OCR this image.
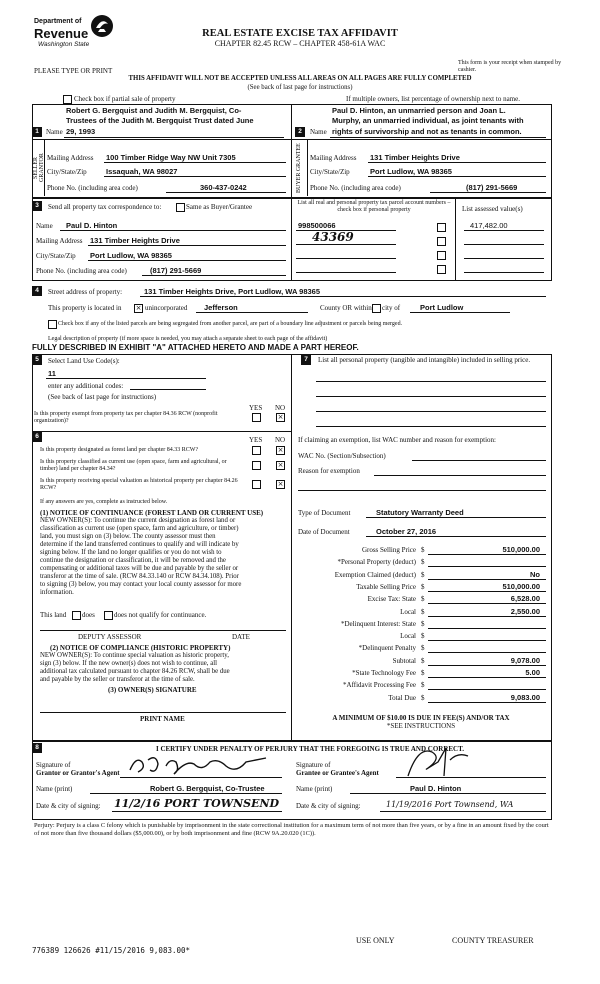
Department of
Revenue
Washington State
REAL ESTATE EXCISE TAX AFFIDAVIT
CHAPTER 82.45 RCW – CHAPTER 458-61A WAC
PLEASE TYPE OR PRINT
This form is your receipt when stamped by cashier.
THIS AFFIDAVIT WILL NOT BE ACCEPTED UNLESS ALL AREAS ON ALL PAGES ARE FULLY COMPLETED
(See back of last page for instructions)
Check box if partial sale of property	If multiple owners, list percentage of ownership next to name.
1
SELLER GRANTOR
Robert G. Bergquist and Judith M. Bergquist, Co-
Trustees of the Judith M. Bergquist Trust dated June
Name 29, 1993
Mailing Address 100 Timber Ridge Way NW Unit 7305
City/State/Zip	Issaquah, WA 98027
Phone No. (including area code)	360-437-0242
2
BUYER GRANTEE
Paul D. Hinton, an unmarried person and Joan L.
Murphy, an unmarried individual, as joint tenants with
Name rights of survivorship and not as tenants in common.
Mailing Address 131 Timber Heights Drive
City/State/Zip	Port Ludlow, WA 98365
Phone No. (including area code)	(817) 291-5669
3	Send all property tax correspondence to:	Same as Buyer/Grantee
Name Paul D. Hinton
Mailing Address 131 Timber Heights Drive
City/State/Zip Port Ludlow, WA 98365
Phone No. (including area code)	(817) 291-5669
List all real and personal property tax parcel account numbers – check box if personal property	List assessed value(s)
998500066
43369
417,482.00
4	Street address of property:	131 Timber Heights Drive, Port Ludlow, WA 98365
This property is located in × unincorporated Jefferson	County OR within city of	Port Ludlow
Check box if any of the listed parcels are being segregated from another parcel, are part of a boundary line adjustment or parcels being merged.
Legal description of property (if more space is needed, you may attach a separate sheet to each page of the affidavit)
FULLY DESCRIBED IN EXHIBIT "A" ATTACHED HERETO AND MADE A PART HEREOF.
5	Select Land Use Code(s):
11
enter any additional codes:
(See back of last page for instructions)
YES NO
Is this property exempt from property tax per chapter 84.36 RCW (nonprofit organization)?	×
6	YES NO
Is this property designated as forest land per chapter 84.33 RCW?	×
Is this property classified as current use (open space, farm and agricultural, or timber) land per chapter 84.34?	×
Is this property receiving special valuation as historical property per chapter 84.26 RCW?	×
If any answers are yes, complete as instructed below.
(1) NOTICE OF CONTINUANCE (FOREST LAND OR CURRENT USE)
NEW OWNER(S): To continue the current designation as forest land or
classification as current use (open space, farm and agriculture, or timber)
land, you must sign on (3) below. The county assessor must then
determine if the land transferred continues to qualify and will indicate by
signing below. If the land no longer qualifies or you do not wish to
continue the designation or classification, it will be removed and the
compensating or additional taxes will be due and payable by the seller or
transferor at the time of sale. (RCW 84.33.140 or RCW 84.34.108). Prior
to signing (3) below, you may contact your local county assessor for more
information.
This land does	does not qualify for continuance.
DEPUTY ASSESSOR	DATE
(2) NOTICE OF COMPLIANCE (HISTORIC PROPERTY)
NEW OWNER(S): To continue special valuation as historic property,
sign (3) below. If the new owner(s) does not wish to continue, all
additional tax calculated pursuant to chapter 84.26 RCW, shall be due
and payable by the seller or transferor at the time of sale.
(3) OWNER(S) SIGNATURE
PRINT NAME
7	List all personal property (tangible and intangible) included in selling price.
If claiming an exemption, list WAC number and reason for exemption:
WAC No. (Section/Subsection)
Reason for exemption
Type of Document	Statutory Warranty Deed
Date of Document	October 27, 2016
Gross Selling Price $	510,000.00
*Personal Property (deduct) $
Exemption Claimed (deduct) $	No
Taxable Selling Price $	510,000.00
Excise Tax: State $	6,528.00
Local $	2,550.00
*Delinquent Interest: State $
Local $
*Delinquent Penalty $
Subtotal $	9,078.00
*State Technology Fee $	5.00
*Affidavit Processing Fee $
Total Due $	9,083.00
A MINIMUM OF $10.00 IS DUE IN FEE(S) AND/OR TAX
*SEE INSTRUCTIONS
8	I CERTIFY UNDER PENALTY OF PERJURY THAT THE FOREGOING IS TRUE AND CORRECT.
Signature of
Grantor or Grantor's Agent
Name (print)	Robert G. Bergquist, Co-Trustee
Date & city of signing: 11/2/16 PORT TOWNSEND
Signature of
Grantee or Grantee's Agent
Name (print)	Paul D. Hinton
Date & city of signing:	11/19/2016 Port Townsend, WA
Perjury: Perjury is a class C felony which is punishable by imprisonment in the state correctional institution for a maximum term of not more than five years, or by a fine in an amount fixed by the court of not more than five thousand dollars ($5,000.00), or by both imprisonment and fine (RCW 9A.20.020 (1C)).
USE ONLY	COUNTY TREASURER
776389 126626 #11/15/2016 9,083.00*
